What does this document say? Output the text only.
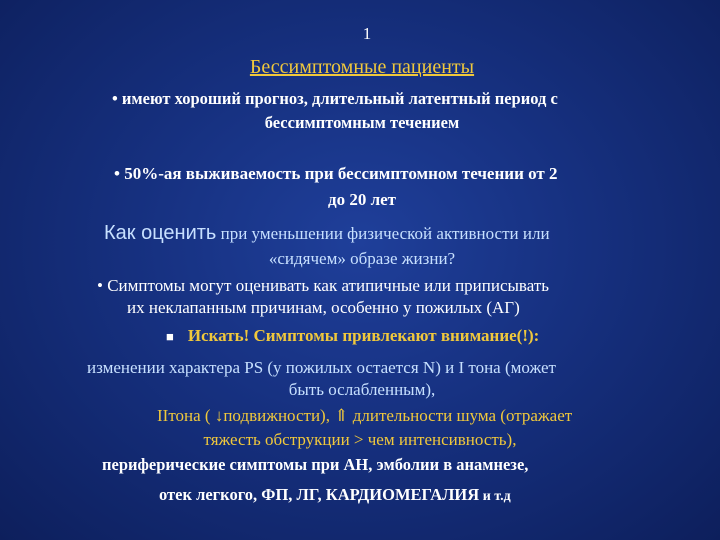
1
Бессимптомные пациенты
• имеют хороший прогноз, длительный латентный период с
бессимптомным течением
• 50%-ая выживаемость при бессимптомном течении от 2
до 20 лет
Как оценить при уменьшении физической активности или
«сидячем» образе жизни?
• Симптомы могут оценивать как атипичные или приписывать
их неклапанным причинам, особенно у пожилых (АГ)
■ Искать! Симптомы привлекают внимание(!):
изменении характера PS (у пожилых остается N) и I тона (может
быть ослабленным),
IIтона ( ↓подвижности), ⇑ длительности шума (отражает
тяжесть обструкции > чем интенсивность),
периферические симптомы при АН, эмболии в анамнезе,
отек легкого, ФП, ЛГ, КАРДИОМЕГАЛИЯ и т.д
